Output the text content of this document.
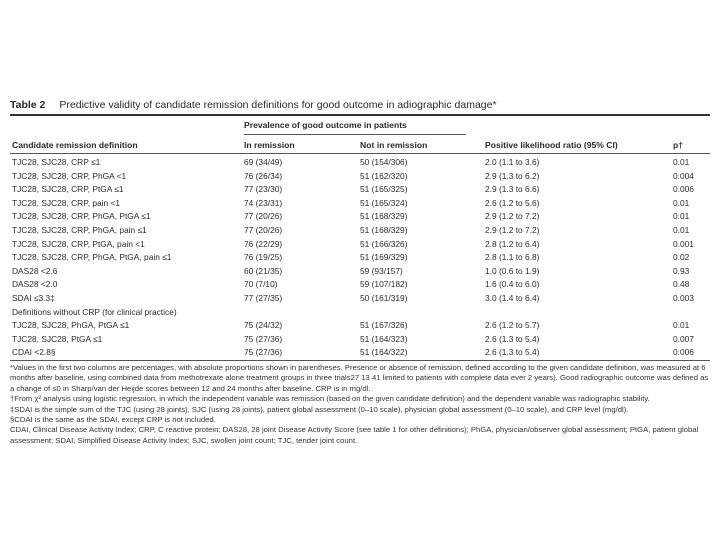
Table 2 Predictive validity of candidate remission definitions for good outcome in adiographic damage*
Prevalence of good outcome in patients
Candidate remission definition	In remission	Not in remission	Positive likelihood ratio (95% CI)	p†
TJC28, SJC28, CRP ≤1	69 (34/49)	50 (154/306)	2.0 (1.1 to 3.6)	0.01
TJC28, SJC28, CRP, PhGA <1	76 (26/34)	51 (162/320)	2.9 (1.3 to 6.2)	0.004
TJC28, SJC28, CRP, PtGA ≤1	77 (23/30)	51 (165/325)	2.9 (1.3 to 6.6)	0.006
TJC28, SJC28, CRP, pain <1	74 (23/31)	51 (165/324)	2.6 (1.2 to 5.6)	0.01
TJC28, SJC28, CRP, PhGA, PtGA ≤1	77 (20/26)	51 (168/329)	2.9 (1.2 to 7.2)	0.01
TJC28, SJC28, CRP, PhGA, pain ≤1	77 (20/26)	51 (168/329)	2.9 (1.2 to 7.2)	0.01
TJC28, SJC28, CRP, PtGA, pain <1	76 (22/29)	51 (166/326)	2.8 (1.2 to 6.4)	0.001
TJC28, SJC28, CRP, PhGA, PtGA, pain ≤1	76 (19/25)	51 (169/329)	2.8 (1.1 to 6.8)	0.02
DAS28 <2.6	60 (21/35)	59 (93/157)	1.0 (0.6 to 1.9)	0.93
DAS28 <2.0	70 (7/10)	59 (107/182)	1.6 (0.4 to 6.0)	0.48
SDAI ≤3.3‡	77 (27/35)	50 (161/319)	3.0 (1.4 to 6.4)	0.003
Definitions without CRP (for clinical practice)
TJC28, SJC28, PhGA, PtGA ≤1	75 (24/32)	51 (167/326)	2.6 (1.2 to 5.7)	0.01
TJC28, SJC28, PtGA ≤1	75 (27/36)	51 (164/323)	2.6 (1.3 to 5.4)	0.007
CDAI <2.8§	75 (27/36)	51 (164/322)	2.6 (1.3 to 5.4)	0.006
*Values in the first two columns are percentages, with absolute proportions shown in parentheses. Presence or absence of remission, defined according to the given candidate definition, was measured at 6 months after baseline, using combined data from methotrexate alone treatment groups in three trials27 13 41 limited to patients with complete data ever 2 years). Good radiographic outcome was defined as a change of ≤0 in Sharp/van der Heijde scores between 12 and 24 months after baseline. CRP is in mg/dl.
†From χ² analysis using logistic regression, in which the independent variable was remission (based on the given candidate definition) and the dependent variable was radiographic stability.
‡SDAI is the simple sum of the TJC (using 28 joints), SJC (using 28 joints), patient global assessment (0–10 scale), physician global assessment (0–10 scale), and CRP level (mg/dl).
§CDAI is the same as the SDAI, except CRP is not included.
CDAI, Clinical Disease Activity Index; CRP, C reactive protein; DAS28, 28 joint Disease Activity Score (see table 1 for other definitions); PhGA, physician/observer global assessment; PtGA, patient global assessment; SDAI, Simplified Disease Activity Index; SJC, swollen joint count; TJC, tender joint count.
